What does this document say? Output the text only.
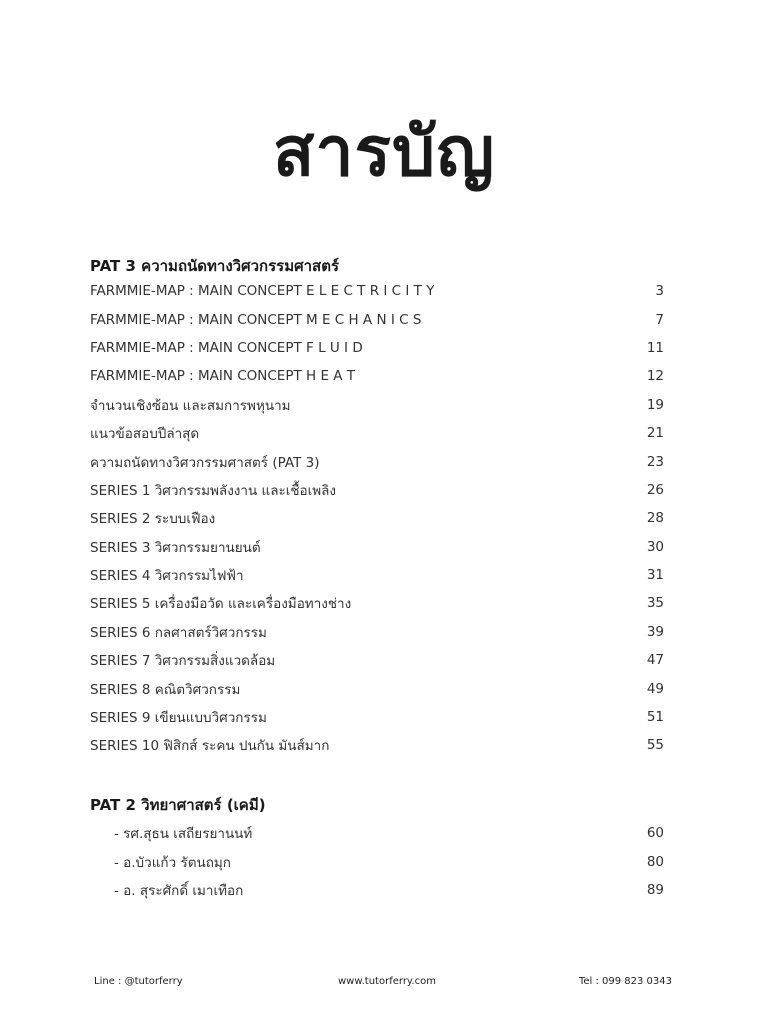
สารบัญ
PAT 3 ความถนัดทางวิศวกรรมศาสตร์
FARMMIE-MAP : MAIN CONCEPT E L E C T R I C I T Y	3
FARMMIE-MAP : MAIN CONCEPT M E C H A N I C S	7
FARMMIE-MAP : MAIN CONCEPT F L U I D	11
FARMMIE-MAP : MAIN CONCEPT H E A T	12
จำนวนเชิงซ้อน และสมการพหุนาม	19
แนวข้อสอบปีล่าสุด	21
ความถนัดทางวิศวกรรมศาสตร์ (PAT 3)	23
SERIES 1 วิศวกรรมพลังงาน และเชื้อเพลิง	26
SERIES 2 ระบบเฟือง	28
SERIES 3 วิศวกรรมยานยนต์	30
SERIES 4 วิศวกรรมไฟฟ้า	31
SERIES 5 เครื่องมือวัด และเครื่องมือทางช่าง	35
SERIES 6 กลศาสตร์วิศวกรรม	39
SERIES 7 วิศวกรรมสิ่งแวดล้อม	47
SERIES 8 คณิตวิศวกรรม	49
SERIES 9 เขียนแบบวิศวกรรม	51
SERIES 10 ฟิสิกส์ ระคน ปนกัน มันส์มาก	55
PAT 2 วิทยาศาสตร์ (เคมี)
- รศ.สุธน เสถียรยานนท์	60
- อ.บัวแก้ว รัตนถมุก	80
- อ. สุระศักดิ์ เมาเทือก	89
Line : @tutorferry	www.tutorferry.com	Tel : 099 823 0343
